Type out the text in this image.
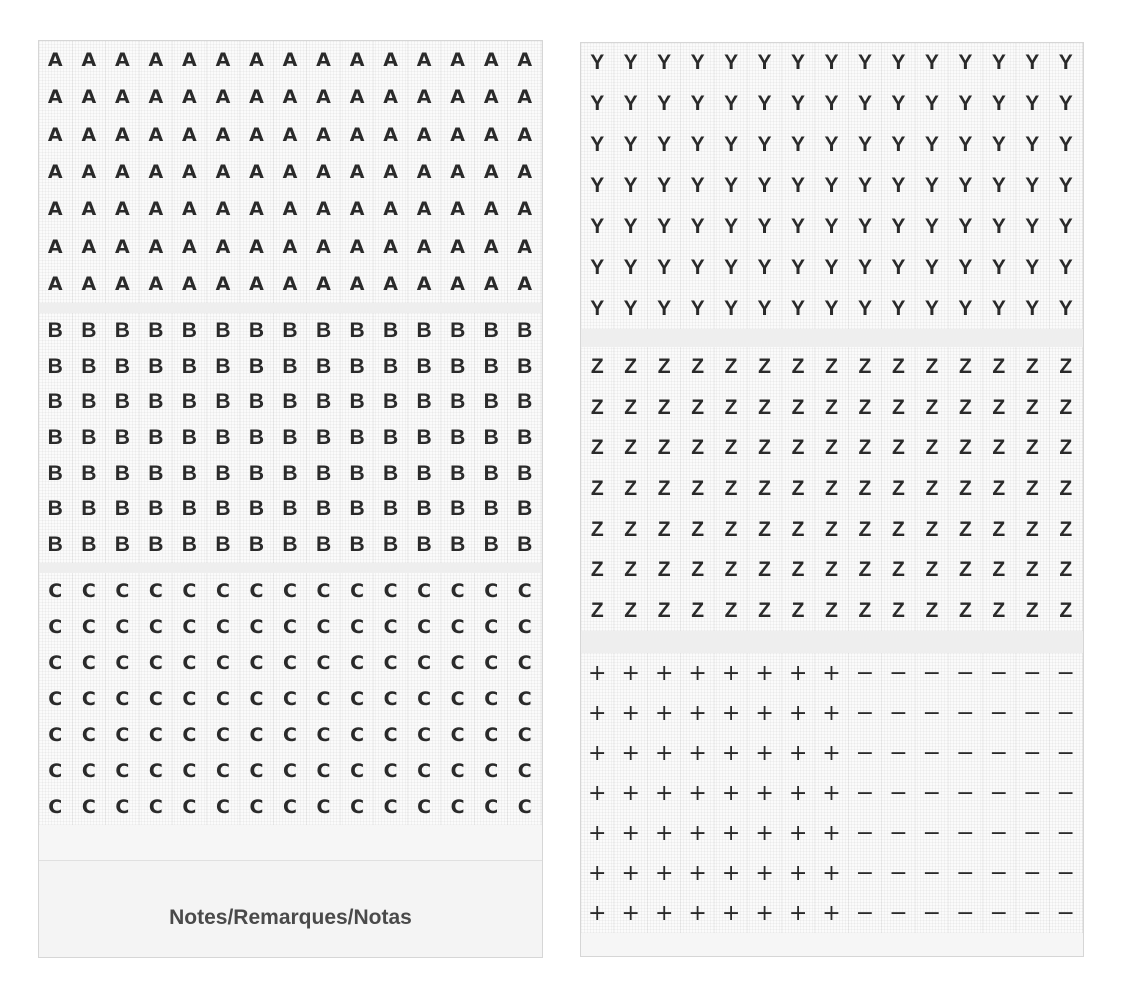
A A A A A A A A A A A A A A A
A A A A A A A A A A A A A A A
A A A A A A A A A A A A A A A
A A A A A A A A A A A A A A A
A A A A A A A A A A A A A A A
A A A A A A A A A A A A A A A
A A A A A A A A A A A A A A A
B B B B B B B B B B B B B B B
B B B B B B B B B B B B B B B
B B B B B B B B B B B B B B B
B B B B B B B B B B B B B B B
B B B B B B B B B B B B B B B
B B B B B B B B B B B B B B B
B B B B B B B B B B B B B B B
C	C	C	C	C	C	C	C	C	C	C	C	C	C	C
C	C	C	C	C	C	C	C	C	C	C	C	C	C	C
C	C	C	C	C	C	C	C	C	C	C	C	C	C	C
C	C	C	C	C	C	C	C	C	C	C	C	C	C	C
C	C	C	C	C	C	C	C	C	C	C	C	C	C	C
C	C	C	C	C	C	C	C	C	C	C	C	C	C	C
C	C	C	C	C	C	C	C	C	C	C	C	C	C	C
Notes/Remarques/Notas
Y Y Y Y Y Y Y Y Y Y Y Y Y Y Y
Y Y Y Y Y Y Y Y Y Y Y Y Y Y Y
Y Y Y Y Y Y Y Y Y Y Y Y Y Y Y
Y Y Y Y Y Y Y Y Y Y Y Y Y Y Y
Y Y Y Y Y Y Y Y Y Y Y Y Y Y Y
Y Y Y Y Y Y Y Y Y Y Y Y Y Y Y
Y Y Y Y Y Y Y Y Y Y Y Y Y Y Y
Z Z Z Z Z Z Z Z Z Z Z Z Z Z Z
Z Z Z Z Z Z Z Z Z Z Z Z Z Z Z
Z Z Z Z Z Z Z Z Z Z Z Z Z Z Z
Z Z Z Z Z Z Z Z Z Z Z Z Z Z Z
Z Z Z Z Z Z Z Z Z Z Z Z Z Z Z
Z Z Z Z Z Z Z Z Z Z Z Z Z Z Z
Z Z Z Z Z Z Z Z Z Z Z Z Z Z Z
+ + + + + + + + − − − − − − −
+ + + + + + + + − − − − − − −
+ + + + + + + + − − − − − − −
+ + + + + + + + − − − − − − −
+ + + + + + + + − − − − − − −
+ + + + + + + + − − − − − − −
+ + + + + + + + − − − − − − −
